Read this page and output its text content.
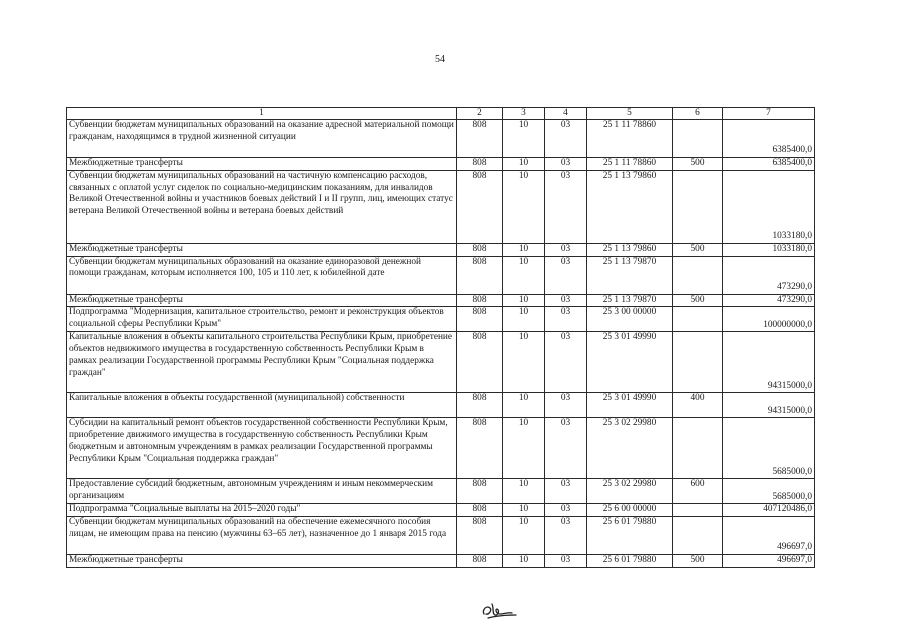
54
1	2	3	4	5	6	7
Субвенции бюджетам муниципальных образований на оказание адресной материальной помощи гражданам, находящимся в трудной жизненной ситуации	808	10	03	25 1 11 78860		6385400,0
Межбюджетные трансферты	808	10	03	25 1 11 78860	500	6385400,0
Субвенции бюджетам муниципальных образований на частичную компенсацию расходов, связанных с оплатой услуг сиделок по социально-медицинским показаниям, для инвалидов Великой Отечественной войны и участников боевых действий I и II групп, лиц, имеющих статус ветерана Великой Отечественной войны и ветерана боевых действий	808	10	03	25 1 13 79860		1033180,0
Межбюджетные трансферты	808	10	03	25 1 13 79860	500	1033180,0
Субвенции бюджетам муниципальных образований на оказание единоразовой денежной помощи гражданам, которым исполняется 100, 105 и 110 лет, к юбилейной дате	808	10	03	25 1 13 79870		473290,0
Межбюджетные трансферты	808	10	03	25 1 13 79870	500	473290,0
Подпрограмма "Модернизация, капитальное строительство, ремонт и реконструкция объектов социальной сферы Республики Крым"	808	10	03	25 3 00 00000		100000000,0
Капитальные вложения в объекты капитального строительства Республики Крым, приобретение объектов недвижимого имущества в государственную собственность Республики Крым в рамках реализации Государственной программы Республики Крым "Социальная поддержка граждан"	808	10	03	25 3 01 49990		94315000,0
Капитальные вложения в объекты государственной (муниципальной) собственности	808	10	03	25 3 01 49990	400	94315000,0
Субсидии на капитальный ремонт объектов государственной собственности Республики Крым, приобретение движимого имущества в государственную собственность Республики Крым бюджетным и автономным учреждениям в рамках реализации Государственной программы Республики Крым "Социальная поддержка граждан"	808	10	03	25 3 02 29980		5685000,0
Предоставление субсидий бюджетным, автономным учреждениям и иным некоммерческим организациям	808	10	03	25 3 02 29980	600	5685000,0
Подпрограмма "Социальные выплаты на 2015–2020 годы"	808	10	03	25 6 00 00000		407120486,0
Субвенции бюджетам муниципальных образований на обеспечение ежемесячного пособия лицам, не имеющим права на пенсию (мужчины 63–65 лет), назначенное до 1 января 2015 года	808	10	03	25 6 01 79880		496697,0
Межбюджетные трансферты	808	10	03	25 6 01 79880	500	496697,0
